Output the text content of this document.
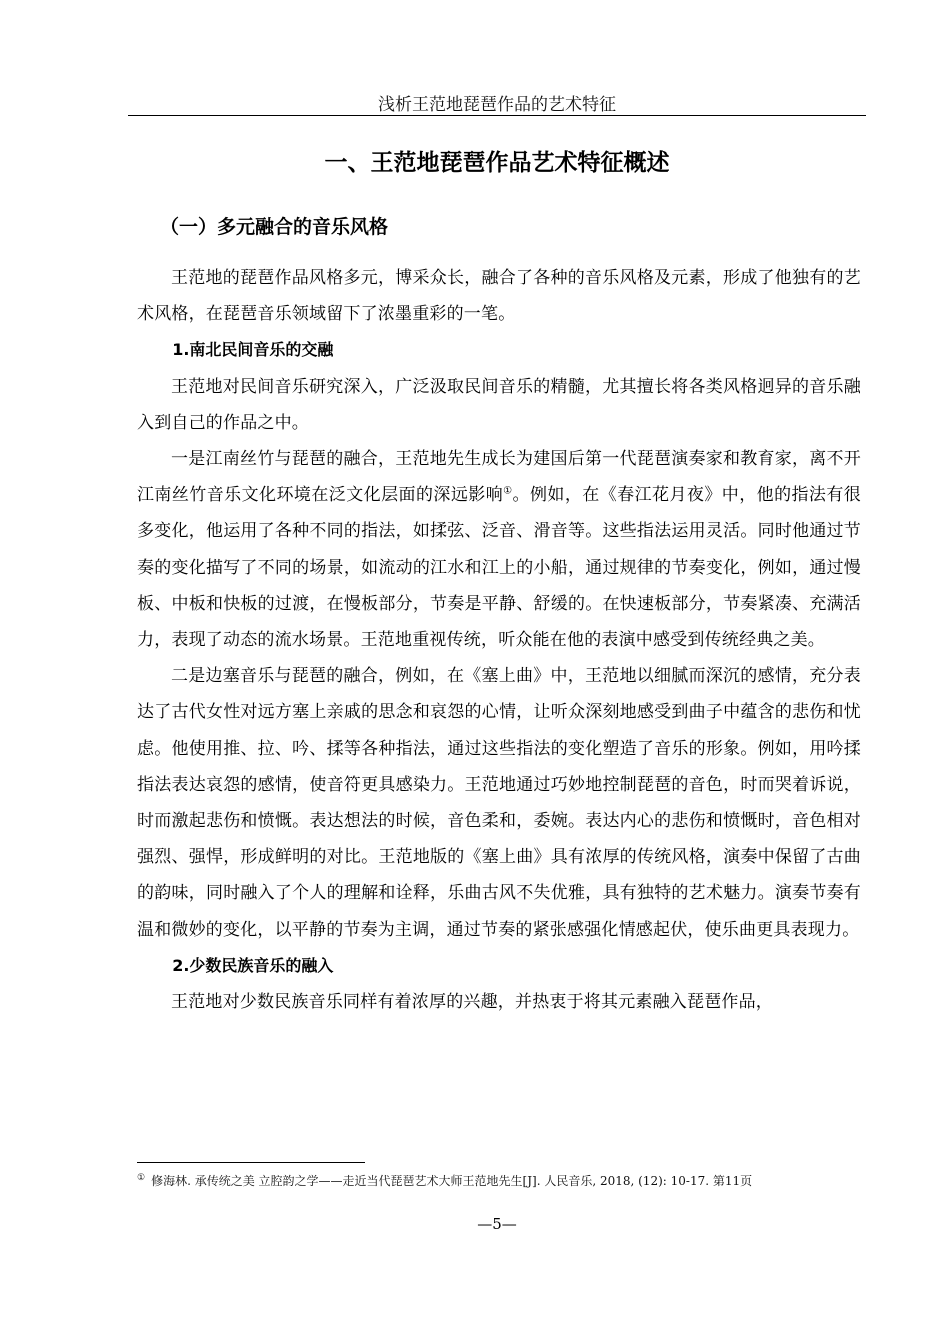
浅析王范地琵琶作品的艺术特征
一、王范地琵琶作品艺术特征概述
（一）多元融合的音乐风格

王范地的琵琶作品风格多元，博采众长，融合了各种的音乐风格及元素，形成了他独有的艺术风格，在琵琶音乐领域留下了浓墨重彩的一笔。

1.南北民间音乐的交融

王范地对民间音乐研究深入，广泛汲取民间音乐的精髓，尤其擅长将各类风格迥异的音乐融入到自己的作品之中。

一是江南丝竹与琵琶的融合，王范地先生成长为建国后第一代琵琶演奏家和教育家，离不开江南丝竹音乐文化环境在泛文化层面的深远影响①。例如，在《春江花月夜》中，他的指法有很多变化，他运用了各种不同的指法，如揉弦、泛音、滑音等。这些指法运用灵活。同时他通过节奏的变化描写了不同的场景，如流动的江水和江上的小船，通过规律的节奏变化，例如，通过慢板、中板和快板的过渡，在慢板部分，节奏是平静、舒缓的。在快速板部分，节奏紧凑、充满活力，表现了动态的流水场景。王范地重视传统，听众能在他的表演中感受到传统经典之美。

二是边塞音乐与琵琶的融合，例如，在《塞上曲》中，王范地以细腻而深沉的感情，充分表达了古代女性对远方塞上亲戚的思念和哀怨的心情，让听众深刻地感受到曲子中蕴含的悲伤和忧虑。他使用推、拉、吟、揉等各种指法，通过这些指法的变化塑造了音乐的形象。例如，用吟揉指法表达哀怨的感情，使音符更具感染力。王范地通过巧妙地控制琵琶的音色，时而哭着诉说，时而激起悲伤和愤慨。表达想法的时候，音色柔和，委婉。表达内心的悲伤和愤慨时，音色相对强烈、强悍，形成鲜明的对比。王范地版的《塞上曲》具有浓厚的传统风格，演奏中保留了古曲的韵味，同时融入了个人的理解和诠释，乐曲古风不失优雅，具有独特的艺术魅力。演奏节奏有温和微妙的变化，以平静的节奏为主调，通过节奏的紧张感强化情感起伏，使乐曲更具表现力。

2.少数民族音乐的融入

王范地对少数民族音乐同样有着浓厚的兴趣，并热衷于将其元素融入琵琶作品，

① 修海林. 承传统之美 立腔韵之学——走近当代琵琶艺术大师王范地先生[J]. 人民音乐, 2018, (12): 10-17. 第11页
—5—
